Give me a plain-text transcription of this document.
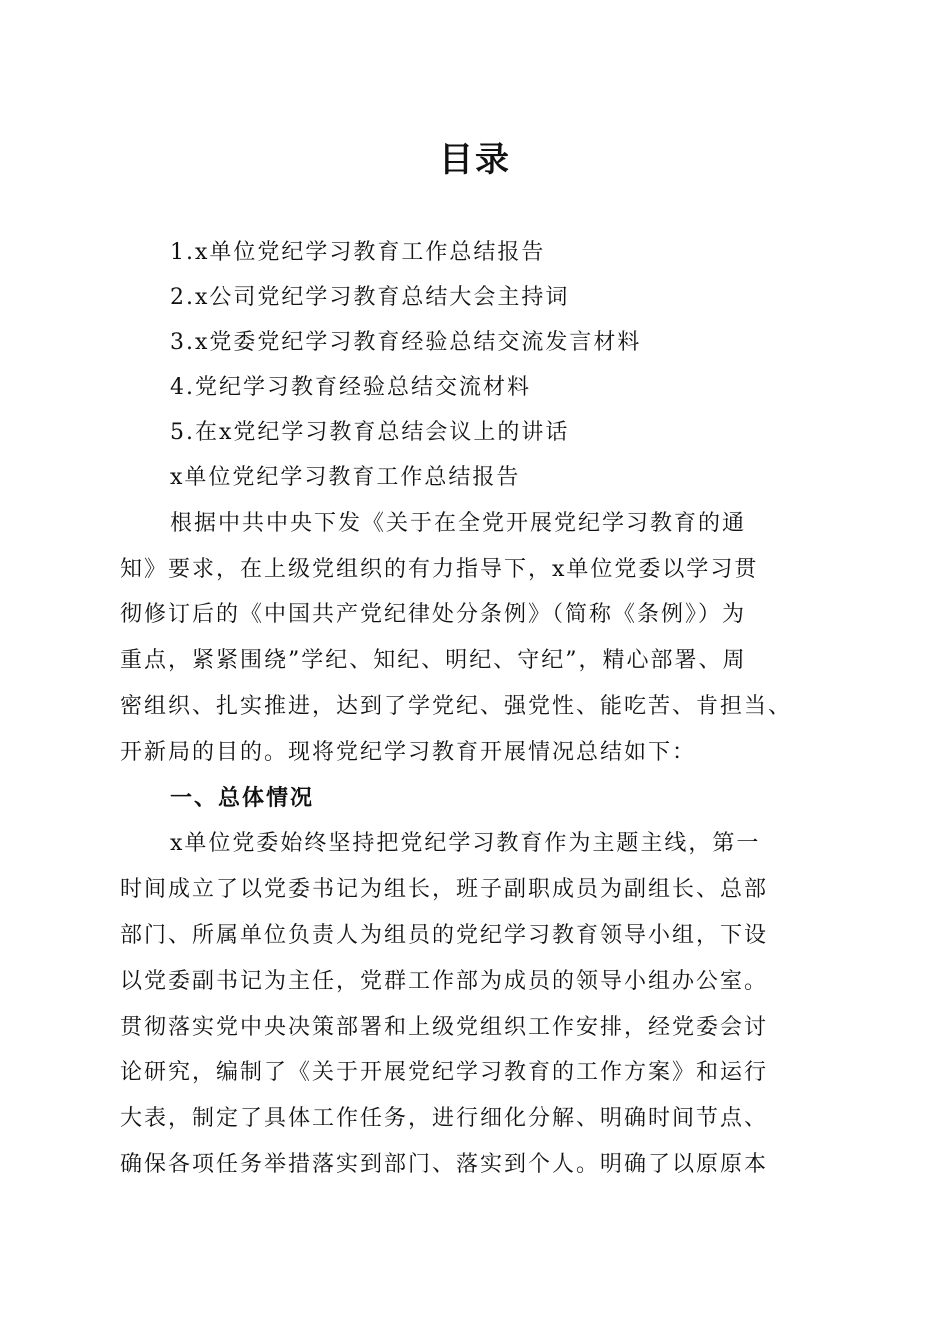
目录
1.x单位党纪学习教育工作总结报告
2.x公司党纪学习教育总结大会主持词
3.x党委党纪学习教育经验总结交流发言材料
4.党纪学习教育经验总结交流材料
5.在x党纪学习教育总结会议上的讲话
x单位党纪学习教育工作总结报告
根据中共中央下发《关于在全党开展党纪学习教育的通
知》要求，在上级党组织的有力指导下，x单位党委以学习贯
彻修订后的《中国共产党纪律处分条例》（简称《条例》）为
重点，紧紧围绕”学纪、知纪、明纪、守纪”，精心部署、周
密组织、扎实推进，达到了学党纪、强党性、能吃苦、肯担当、
开新局的目的。现将党纪学习教育开展情况总结如下：
一、总体情况
x单位党委始终坚持把党纪学习教育作为主题主线，第一
时间成立了以党委书记为组长，班子副职成员为副组长、总部
部门、所属单位负责人为组员的党纪学习教育领导小组，下设
以党委副书记为主任，党群工作部为成员的领导小组办公室。
贯彻落实党中央决策部署和上级党组织工作安排，经党委会讨
论研究，编制了《关于开展党纪学习教育的工作方案》和运行
大表，制定了具体工作任务，进行细化分解、明确时间节点、
确保各项任务举措落实到部门、落实到个人。明确了以原原本
